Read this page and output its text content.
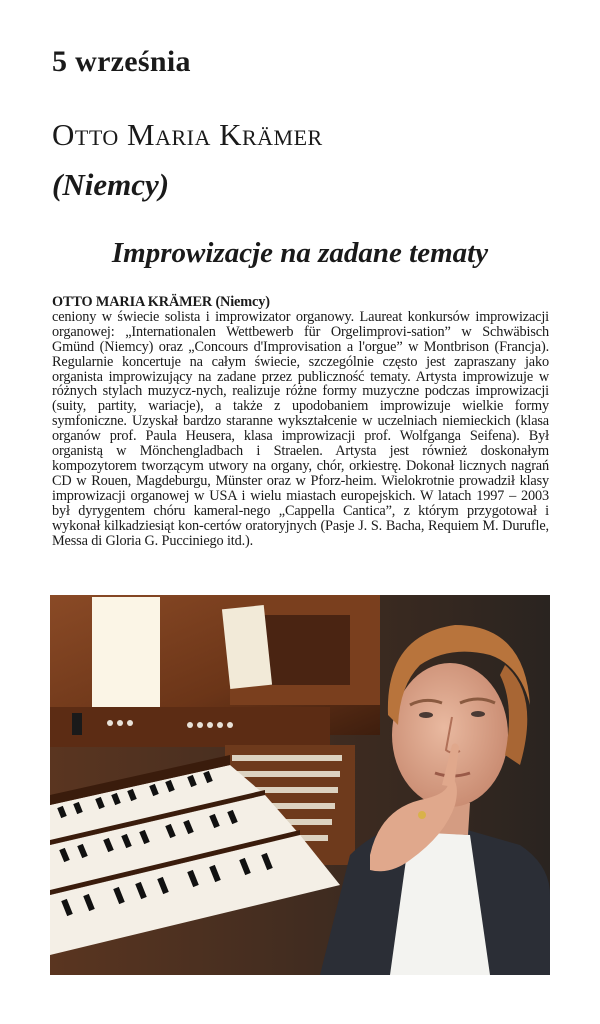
5 września
Otto Maria Krämer
(Niemcy)
Improwizacje na zadane tematy
OTTO MARIA KRÄMER (Niemcy)
ceniony w świecie solista i improwizator organowy. Laureat konkursów improwizacji organowej: „Internationalen Wettbewerb für Orgelimprovi-sation” w Schwäbisch Gmünd (Niemcy) oraz „Concours d'Improvisation a l'orgue” w Montbrison (Francja). Regularnie koncertuje na całym świecie, szczególnie często jest zapraszany jako organista improwizujący na zadane przez publiczność tematy. Artysta improwizuje w różnych stylach muzycz-nych, realizuje różne formy muzyczne podczas improwizacji (suity, partity, wariacje), a także z upodobaniem improwizuje wielkie formy symfoniczne. Uzyskał bardzo staranne wykształcenie w uczelniach niemieckich (klasa organów prof. Paula Heusera, klasa improwizacji prof. Wolfganga Seifena). Był organistą w Mönchengladbach i Straelen. Artysta jest również doskonałym kompozytorem tworzącym utwory na organy, chór, orkiestrę. Dokonał licznych nagrań CD w Rouen, Magdeburgu, Münster oraz w Pforz-heim. Wielokrotnie prowadził klasy improwizacji organowej w USA i wielu miastach europejskich. W latach 1997 – 2003 był dyrygentem chóru kameral-nego „Cappella Cantica”, z którym przygotował i wykonał kilkadziesiąt kon-certów oratoryjnych (Pasje J. S. Bacha, Requiem M. Durufle, Messa di Gloria G. Pucciniego itd.).
